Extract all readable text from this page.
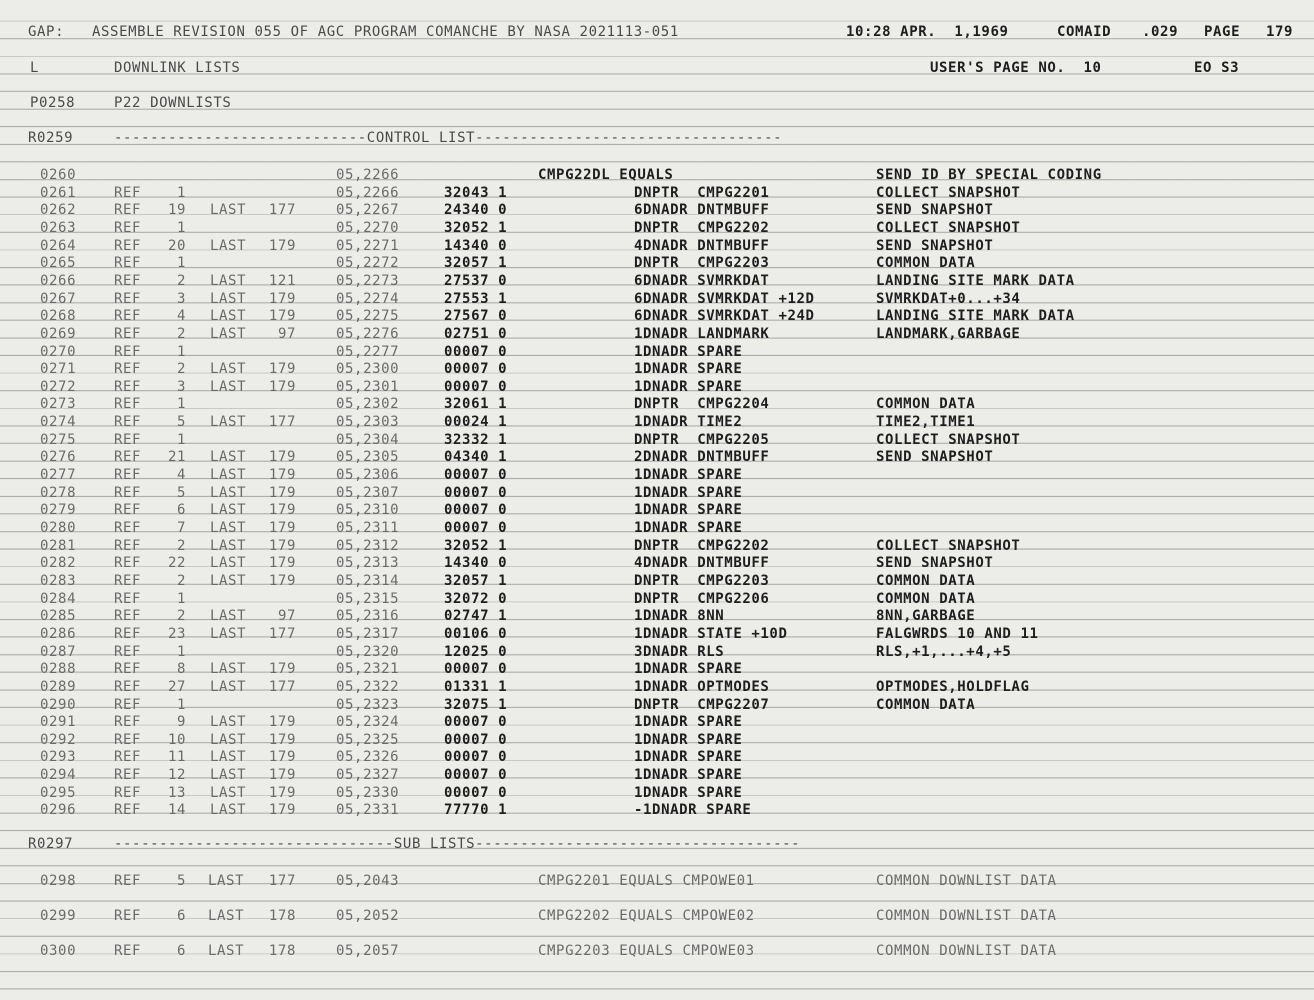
GAP:

ASSEMBLE REVISION 055 OF AGC PROGRAM COMANCHE BY NASA 2021113-051

	10:28 APR.  1,1969

	COMAID

.029

PAGE

179

L

	DOWNLINK LISTS

	USER'S PAGE NO.  10

	EO S3

P0258

	P22 DOWNLISTS

R0259

	----------------------------CONTROL LIST----------------------------------

0260	05,2266	CMPG22DL EQUALS	SEND ID BY SPECIAL CODING
0261	REF	1	05,2266	32043 1	DNPTR  CMPG2201	COLLECT SNAPSHOT
0262	REF 19 LAST 177	05,2267	24340 0	6DNADR DNTMBUFF	SEND SNAPSHOT
0263	REF	1	05,2270	32052 1	DNPTR  CMPG2202	COLLECT SNAPSHOT
0264	REF 20 LAST 179	05,2271	14340 0	4DNADR DNTMBUFF	SEND SNAPSHOT
0265	REF	1	05,2272	32057 1	DNPTR  CMPG2203	COMMON DATA
0266	REF	2 LAST 121	05,2273	27537 0	6DNADR SVMRKDAT	LANDING SITE MARK DATA
0267	REF	3 LAST 179	05,2274	27553 1	6DNADR SVMRKDAT +12D	SVMRKDAT+0...+34
0268	REF	4 LAST 179	05,2275	27567 0	6DNADR SVMRKDAT +24D	LANDING SITE MARK DATA
0269	REF	2 LAST 97	05,2276	02751 0	1DNADR LANDMARK	LANDMARK,GARBAGE
0270	REF	1	05,2277	00007 0	1DNADR SPARE
0271	REF	2 LAST 179	05,2300	00007 0	1DNADR SPARE
0272	REF	3 LAST 179	05,2301	00007 0	1DNADR SPARE
0273	REF	1	05,2302	32061 1	DNPTR  CMPG2204	COMMON DATA
0274	REF	5 LAST 177	05,2303	00024 1	1DNADR TIME2	TIME2,TIME1
0275	REF	1	05,2304	32332 1	DNPTR  CMPG2205	COLLECT SNAPSHOT
0276	REF 21 LAST 179	05,2305	04340 1	2DNADR DNTMBUFF	SEND SNAPSHOT
0277	REF	4 LAST 179	05,2306	00007 0	1DNADR SPARE
0278	REF	5 LAST 179	05,2307	00007 0	1DNADR SPARE
0279	REF	6 LAST 179	05,2310	00007 0	1DNADR SPARE
0280	REF	7 LAST 179	05,2311	00007 0	1DNADR SPARE
0281	REF	2 LAST 179	05,2312	32052 1	DNPTR  CMPG2202	COLLECT SNAPSHOT
0282	REF 22 LAST 179	05,2313	14340 0	4DNADR DNTMBUFF	SEND SNAPSHOT
0283	REF	2 LAST 179	05,2314	32057 1	DNPTR  CMPG2203	COMMON DATA
0284	REF	1	05,2315	32072 0	DNPTR  CMPG2206	COMMON DATA
0285	REF	2 LAST 97	05,2316	02747 1	1DNADR 8NN	8NN,GARBAGE
0286	REF 23 LAST 177	05,2317	00106 0	1DNADR STATE +10D	FALGWRDS 10 AND 11
0287	REF	1	05,2320	12025 0	3DNADR RLS	RLS,+1,...+4,+5
0288	REF	8 LAST 179	05,2321	00007 0	1DNADR SPARE
0289	REF 27 LAST 177	05,2322	01331 1	1DNADR OPTMODES	OPTMODES,HOLDFLAG
0290	REF	1	05,2323	32075 1	DNPTR  CMPG2207	COMMON DATA
0291	REF	9 LAST 179	05,2324	00007 0	1DNADR SPARE
0292	REF 10 LAST 179	05,2325	00007 0	1DNADR SPARE
0293	REF 11 LAST 179	05,2326	00007 0	1DNADR SPARE
0294	REF 12 LAST 179	05,2327	00007 0	1DNADR SPARE
0295	REF 13 LAST 179	05,2330	00007 0	1DNADR SPARE
0296	REF 14 LAST 179	05,2331	77770 1	-1DNADR SPARE

R0297

	-------------------------------SUB LISTS------------------------------------

0298	REF	5 LAST 177	05,2043	CMPG2201 EQUALS CMPOWE01	COMMON DOWNLIST DATA
0299	REF	6 LAST 178	05,2052	CMPG2202 EQUALS CMPOWE02	COMMON DOWNLIST DATA
0300	REF	6 LAST 178	05,2057	CMPG2203 EQUALS CMPOWE03	COMMON DOWNLIST DATA
